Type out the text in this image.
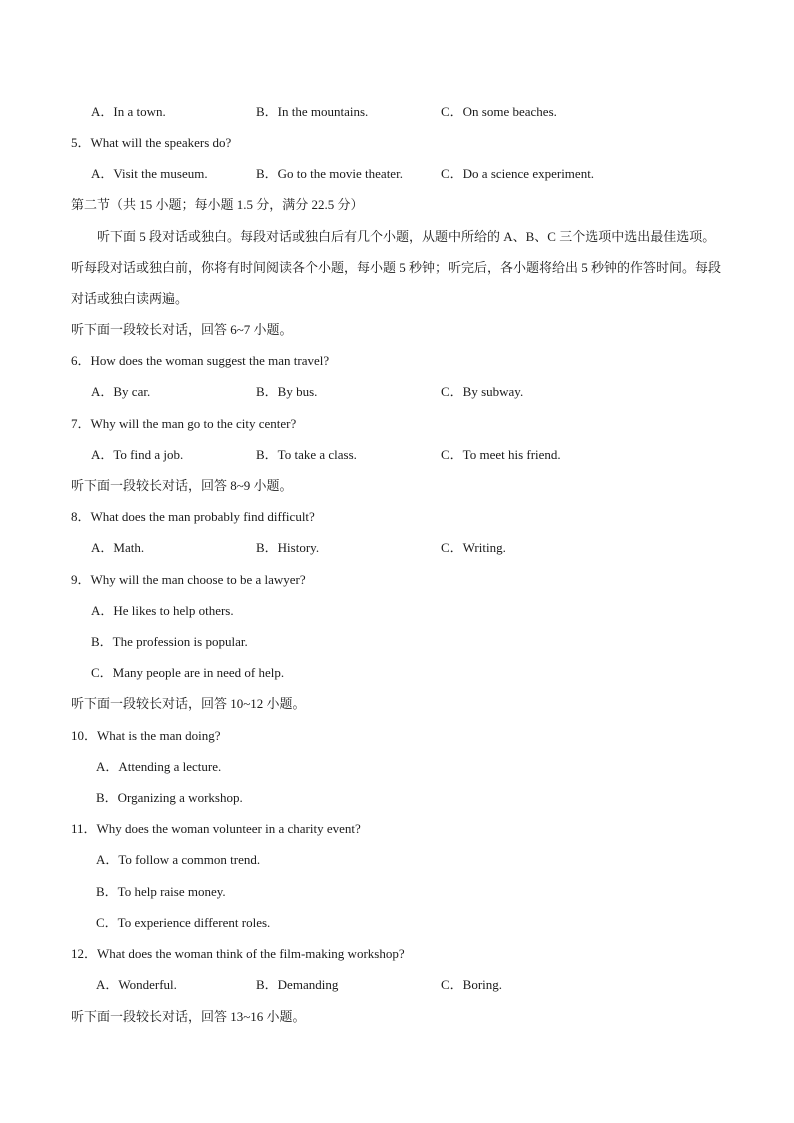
A．In a town.	B．In the mountains.	C．On some beaches.
5．What will the speakers do?
A．Visit the museum.	B．Go to the movie theater.	C．Do a science experiment.
第二节（共 15 小题；每小题 1.5 分，满分 22.5 分）
听下面 5 段对话或独白。每段对话或独白后有几个小题，从题中所给的 A、B、C 三个选项中选出最佳选项。听每段对话或独白前，你将有时间阅读各个小题，每小题 5 秒钟；听完后，各小题将给出 5 秒钟的作答时间。每段对话或独白读两遍。
听下面一段较长对话，回答 6~7 小题。
6．How does the woman suggest the man travel?
A．By car.	B．By bus.	C．By subway.
7．Why will the man go to the city center?
A．To find a job.	B．To take a class.	C．To meet his friend.
听下面一段较长对话，回答 8~9 小题。
8．What does the man probably find difficult?
A．Math.	B．History.	C．Writing.
9．Why will the man choose to be a lawyer?
A．He likes to help others.
B．The profession is popular.
C．Many people are in need of help.
听下面一段较长对话，回答 10~12 小题。
10．What is the man doing?
A．Attending a lecture.
B．Organizing a workshop.
11．Why does the woman volunteer in a charity event?
A．To follow a common trend.
B．To help raise money.
C．To experience different roles.
12．What does the woman think of the film-making workshop?
A．Wonderful.	B．Demanding	C．Boring.
听下面一段较长对话，回答 13~16 小题。
